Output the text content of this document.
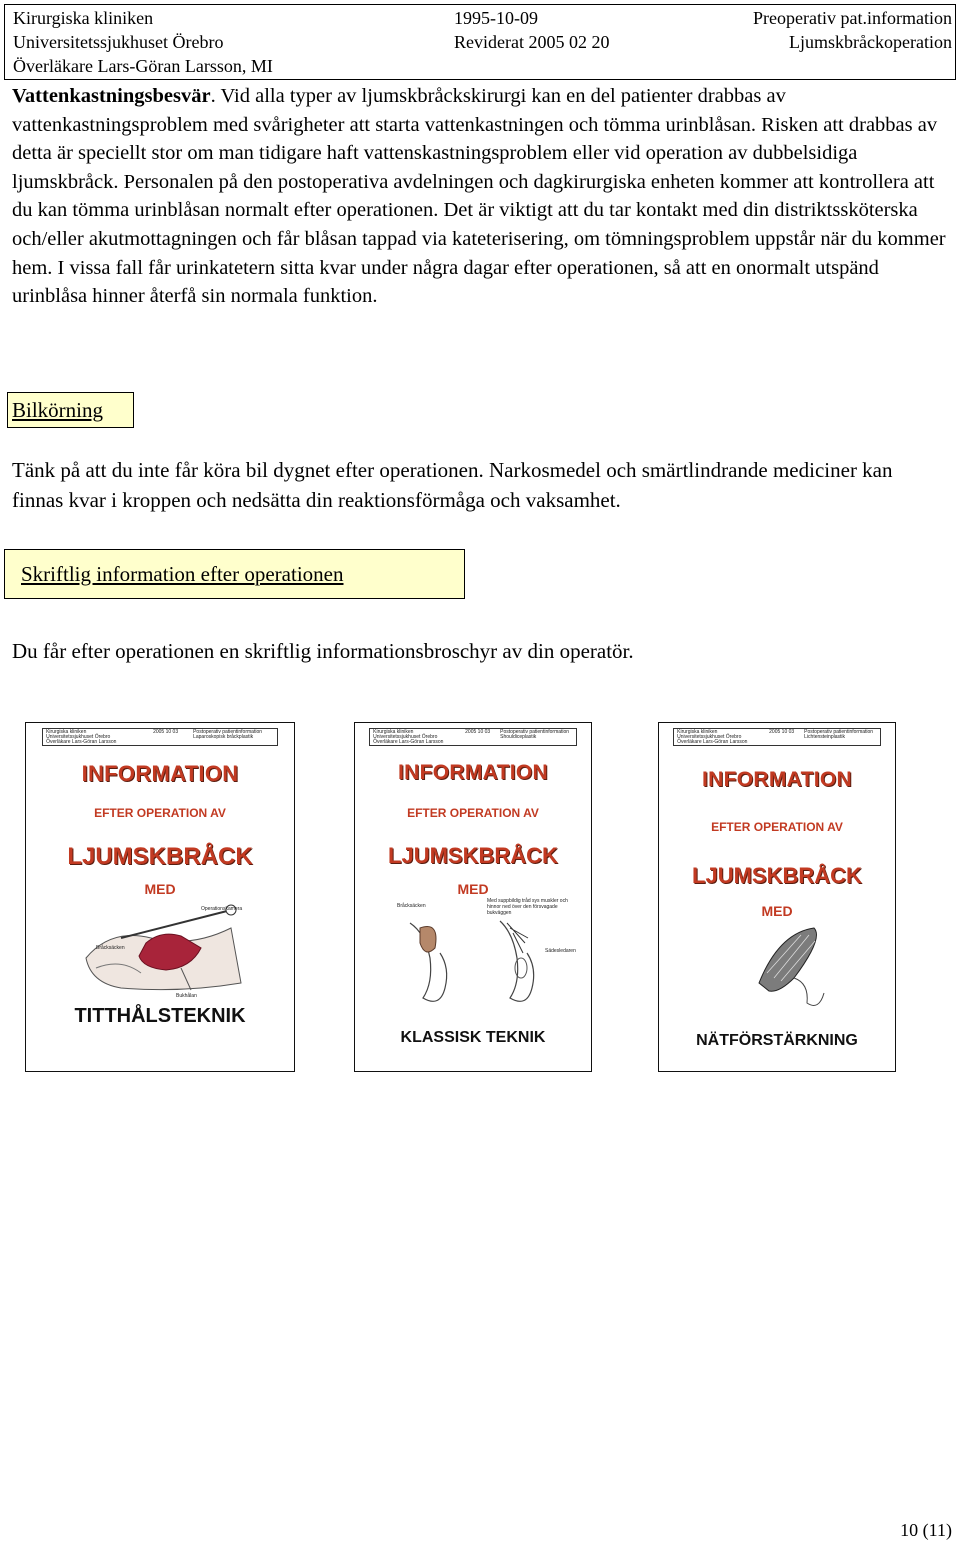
Kirurgiska kliniken	1995-10-09	Preoperativ pat.information
Universitetssjukhuset Örebro	Reviderat 2005 02 20	Ljumskbråckoperation
Överläkare Lars-Göran Larsson, MI
Vattenkastningsbesvär. Vid alla typer av ljumskbråckskirurgi kan en del patienter drabbas av vattenkastningsproblem med svårigheter att starta vattenkastningen och tömma urinblåsan. Risken att drabbas av detta är speciellt stor om man tidigare haft vattenskastningsproblem eller vid operation av dubbelsidiga ljumskbråck. Personalen på den postoperativa avdelningen och dagkirurgiska enheten kommer att kontrollera att du kan tömma urinblåsan normalt efter operationen. Det är viktigt att du tar kontakt med din distriktssköterska och/eller akutmottagningen och får blåsan tappad via kateterisering, om tömningsproblem uppstår när du kommer hem. I vissa fall får urinkatetern sitta kvar under några dagar efter operationen, så att en onormalt utspänd urinblåsa hinner återfå sin normala funktion.
Bilkörning
Tänk på att du inte får köra bil dygnet efter operationen. Narkosmedel och smärtlindrande mediciner kan finnas kvar i kroppen och nedsätta din reaktionsförmåga och vaksamhet.
Skriftlig information efter operationen
Du får efter operationen en skriftlig informationsbroschyr av din operatör.
Kirurgiska kliniken
Universitetssjukhuset Örebro
Överläkare Lars-Göran Larsson
2005 10 03	Postoperativ patientinformation
Laparoskopisk bråckplastik
INFORMATION
EFTER OPERATION AV
LJUMSKBRÅCK
MED
Operationskamera
Bråcksäcken
Bukhålan
TITTHÅLSTEKNIK
Kirurgiska kliniken
Universitetssjukhuset Örebro
Överläkare Lars-Göran Larsson
2005 10 03 Postoperativ patientinformation
Shouldiceplastik
INFORMATION
EFTER OPERATION AV
LJUMSKBRÅCK
MED
Bråcksäcken
Med suppbildig tråd sys muskler och hinnor ned över den försvagade bukväggen
Sädesledaren
KLASSISK TEKNIK
Kirurgiska kliniken
Universitetssjukhuset Örebro
Överläkare Lars-Göran Larsson
2005 10 03 Postoperativ patientinformation
Lichtensteinplastik
INFORMATION
EFTER OPERATION AV
LJUMSKBRÅCK
MED
NÄTFÖRSTÄRKNING
10 (11)
